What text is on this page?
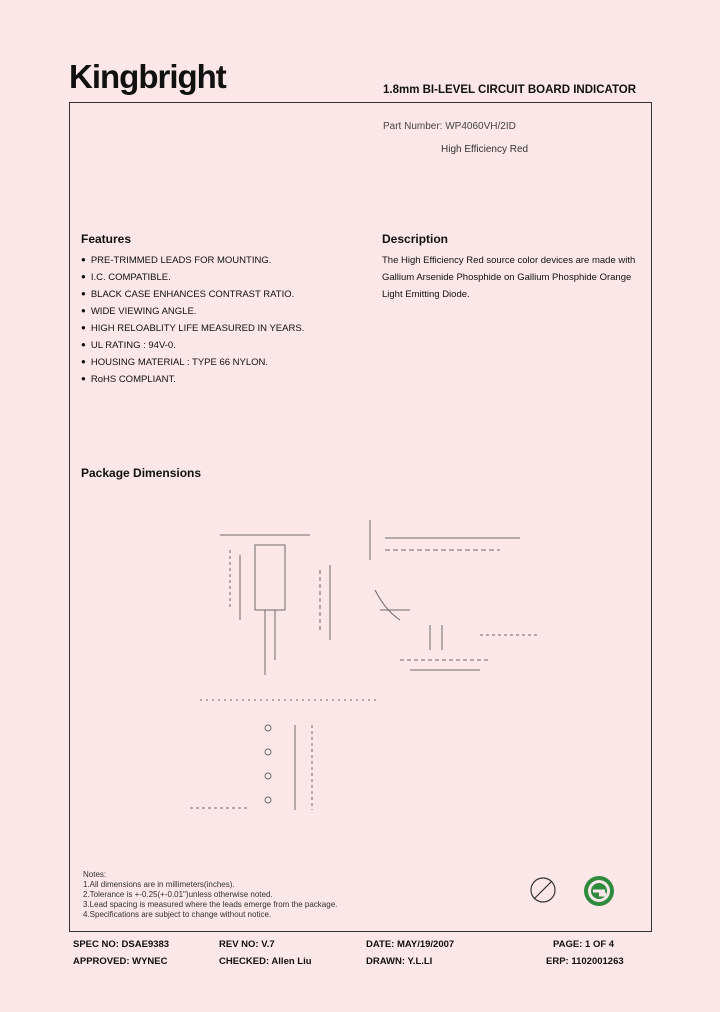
Kingbright	1.8mm BI-LEVEL CIRCUIT BOARD INDICATOR
Part Number: WP4060VH/2ID
High Efficiency Red
Features
● PRE-TRIMMED LEADS FOR MOUNTING.
● I.C. COMPATIBLE.
● BLACK CASE ENHANCES CONTRAST RATIO.
● WIDE VIEWING ANGLE.
● HIGH RELOABLITY LIFE MEASURED IN YEARS.
● UL RATING : 94V-0.
● HOUSING MATERIAL : TYPE 66 NYLON.
● RoHS COMPLIANT.
Description
The High Efficiency Red source color devices are made with Gallium Arsenide Phosphide on Gallium Phosphide Orange Light Emitting Diode.
Package Dimensions
Notes:
1.All dimensions are in millimeters(inches).
2.Tolerance is +-0.25(+-0.01")unless otherwise noted.
3.Lead spacing is measured where the leads emerge from the package.
4.Specifications are subject to change without notice.
SPEC NO: DSAE9383	REV NO: V.7	DATE: MAY/19/2007	PAGE: 1 OF 4
APPROVED: WYNEC	CHECKED: Allen Liu	DRAWN: Y.L.LI	ERP: 1102001263
